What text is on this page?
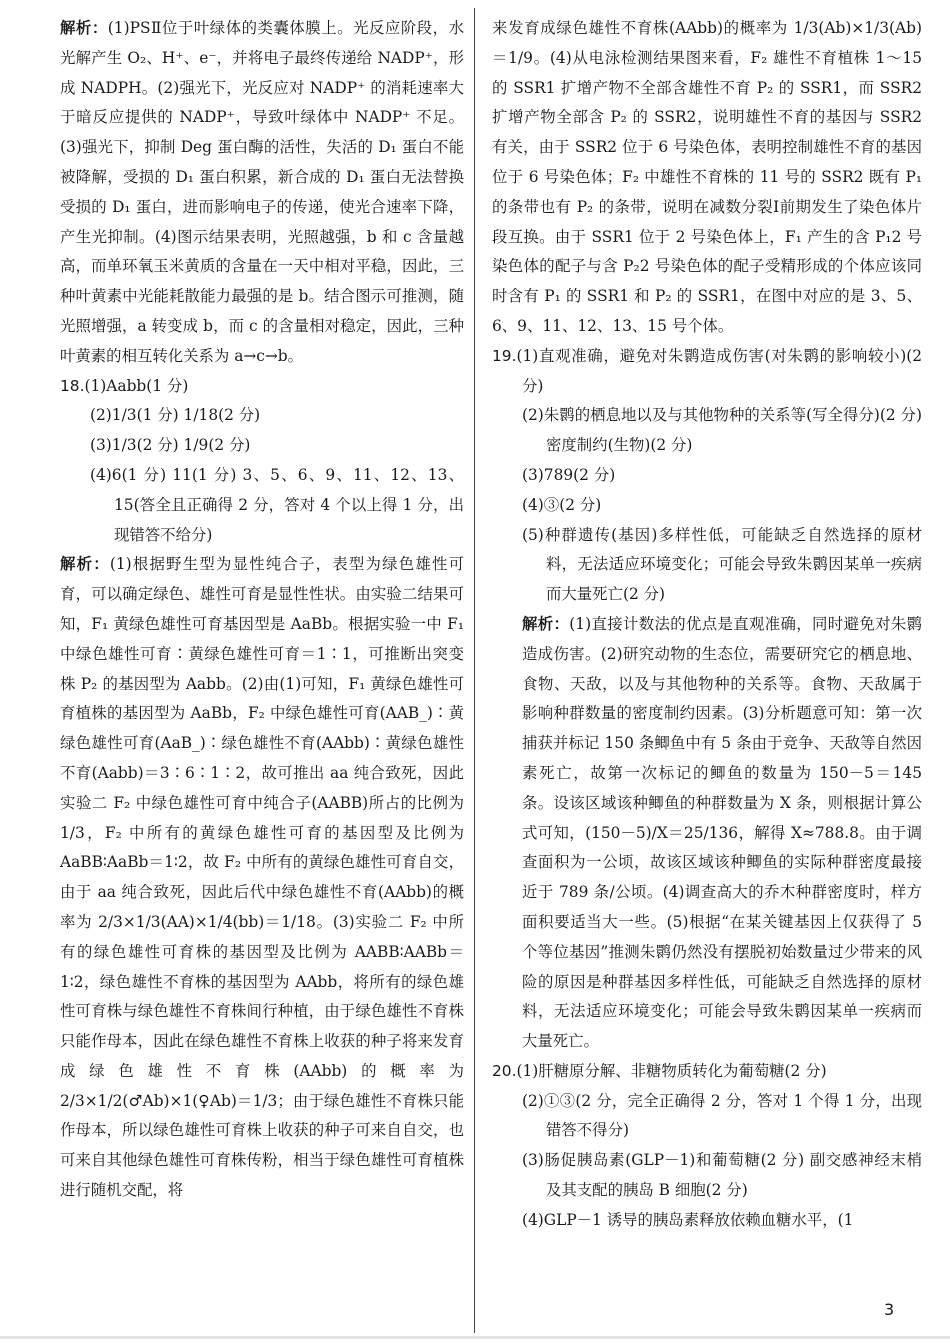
解析：(1)PSⅡ位于叶绿体的类囊体膜上。光反应阶段，水光解产生 O₂、H⁺、e⁻，并将电子最终传递给 NADP⁺，形成 NADPH。(2)强光下，光反应对 NADP⁺ 的消耗速率大于暗反应提供的 NADP⁺，导致叶绿体中 NADP⁺ 不足。(3)强光下，抑制 Deg 蛋白酶的活性，失活的 D₁ 蛋白不能被降解，受损的 D₁ 蛋白积累，新合成的 D₁ 蛋白无法替换受损的 D₁ 蛋白，进而影响电子的传递，使光合速率下降，产生光抑制。(4)图示结果表明，光照越强，b 和 c 含量越高，而单环氧玉米黄质的含量在一天中相对平稳，因此，三种叶黄素中光能耗散能力最强的是 b。结合图示可推测，随光照增强，a 转变成 b，而 c 的含量相对稳定，因此，三种叶黄素的相互转化关系为 a→c→b。

18.(1)Aabb(1 分)

(2)1/3(1 分) 1/18(2 分)
(3)1/3(2 分) 1/9(2 分)
(4)6(1 分) 11(1 分) 3、5、6、9、11、12、13、15(答全且正确得 2 分，答对 4 个以上得 1 分，出现错答不给分)

解析：(1)根据野生型为显性纯合子，表型为绿色雄性可育，可以确定绿色、雄性可育是显性性状。由实验二结果可知，F₁ 黄绿色雄性可育基因型是 AaBb。根据实验一中 F₁ 中绿色雄性可育∶黄绿色雄性可育＝1∶1，可推断出突变株 P₂ 的基因型为 Aabb。(2)由(1)可知，F₁ 黄绿色雄性可育植株的基因型为 AaBb，F₂ 中绿色雄性可育(AAB_)∶黄绿色雄性可育(AaB_)∶绿色雄性不育(AAbb)∶黄绿色雄性不育(Aabb)＝3∶6∶1∶2，故可推出 aa 纯合致死，因此实验二 F₂ 中绿色雄性可育中纯合子(AABB)所占的比例为 1/3，F₂ 中所有的黄绿色雄性可育的基因型及比例为 AaBB∶AaBb＝1∶2，故 F₂ 中所有的黄绿色雄性可育自交，由于 aa 纯合致死，因此后代中绿色雄性不育(AAbb)的概率为 2/3×1/3(AA)×1/4(bb)＝1/18。(3)实验二 F₂ 中所有的绿色雄性可育株的基因型及比例为 AABB∶AABb＝1∶2，绿色雄性不育株的基因型为 AAbb，将所有的绿色雄性可育株与绿色雄性不育株间行种植，由于绿色雄性不育株只能作母本，因此在绿色雄性不育株上收获的种子将来发育成绿色雄性不育株(AAbb)的概率为 2/3×1/2(♂Ab)×1(♀Ab)＝1/3；由于绿色雄性不育株只能作母本，所以绿色雄性可育株上收获的种子可来自自交，也可来自其他绿色雄性可育株传粉，相当于绿色雄性可育植株进行随机交配，将

来发育成绿色雄性不育株(AAbb)的概率为 1/3(Ab)×1/3(Ab)＝1/9。(4)从电泳检测结果图来看，F₂ 雄性不育植株 1～15 的 SSR1 扩增产物不全部含雄性不育 P₂ 的 SSR1，而 SSR2 扩增产物全部含 P₂ 的 SSR2，说明雄性不育的基因与 SSR2 有关，由于 SSR2 位于 6 号染色体，表明控制雄性不育的基因位于 6 号染色体；F₂ 中雄性不育株的 11 号的 SSR2 既有 P₁ 的条带也有 P₂ 的条带，说明在减数分裂Ⅰ前期发生了染色体片段互换。由于 SSR1 位于 2 号染色体上，F₁ 产生的含 P₁2 号染色体的配子与含 P₂2 号染色体的配子受精形成的个体应该同时含有 P₁ 的 SSR1 和 P₂ 的 SSR1，在图中对应的是 3、5、6、9、11、12、13、15 号个体。

19.(1)直观准确，避免对朱鹮造成伤害(对朱鹮的影响较小)(2 分)

(2)朱鹮的栖息地以及与其他物种的关系等(写全得分)(2 分) 密度制约(生物)(2 分)
(3)789(2 分)
(4)③(2 分)
(5)种群遗传(基因)多样性低，可能缺乏自然选择的原材料，无法适应环境变化；可能会导致朱鹮因某单一疾病而大量死亡(2 分)

解析：(1)直接计数法的优点是直观准确，同时避免对朱鹮造成伤害。(2)研究动物的生态位，需要研究它的栖息地、食物、天敌，以及与其他物种的关系等。食物、天敌属于影响种群数量的密度制约因素。(3)分析题意可知：第一次捕获并标记 150 条鲫鱼中有 5 条由于竞争、天敌等自然因素死亡，故第一次标记的鲫鱼的数量为 150－5＝145 条。设该区域该种鲫鱼的种群数量为 X 条，则根据计算公式可知，(150－5)/X＝25/136，解得 X≈788.8。由于调查面积为一公顷，故该区域该种鲫鱼的实际种群密度最接近于 789 条/公顷。(4)调查高大的乔木种群密度时，样方面积要适当大一些。(5)根据“在某关键基因上仅获得了 5 个等位基因”推测朱鹮仍然没有摆脱初始数量过少带来的风险的原因是种群基因多样性低，可能缺乏自然选择的原材料，无法适应环境变化；可能会导致朱鹮因某单一疾病而大量死亡。

20.(1)肝糖原分解、非糖物质转化为葡萄糖(2 分)

(2)①③(2 分，完全正确得 2 分，答对 1 个得 1 分，出现错答不得分)
(3)肠促胰岛素(GLP－1)和葡萄糖(2 分) 副交感神经末梢及其支配的胰岛 B 细胞(2 分)
(4)GLP－1 诱导的胰岛素释放依赖血糖水平，(1
3
